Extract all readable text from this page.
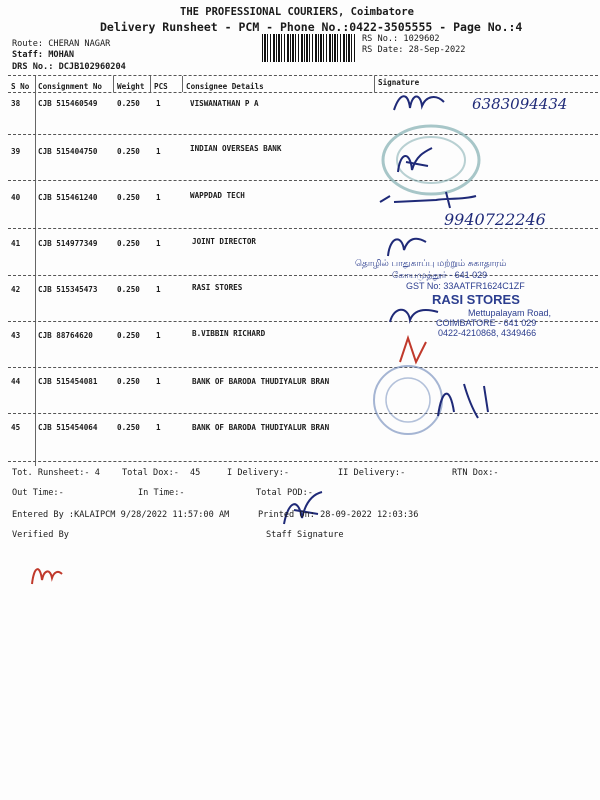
THE PROFESSIONAL COURIERS, Coimbatore
Delivery Runsheet - PCM - Phone No.:0422-3505555 - Page No.:4
Route: CHERAN NAGAR
Staff: MOHAN
DRS No.: DCJB102960204
RS No.: 1029602
RS Date: 28-Sep-2022
S No Consignment No Weight PCS Consignee Details	Signature
38 CJB 515460549	0.250 1	VISWANATHAN P A
39 CJB 515404750	0.250 1	INDIAN OVERSEAS BANK
40 CJB 515461240	0.250 1	WAPPDAD TECH
41 CJB 514977349	0.250 1	JOINT DIRECTOR
42 CJB 515345473	0.250 1	RASI STORES
43 CJB 88764620	0.250 1	B.VIBBIN RICHARD
44 CJB 515454081	0.250 1	BANK OF BARODA THUDIYALUR BRAN
45 CJB 515454064	0.250 1	BANK OF BARODA THUDIYALUR BRAN
தொழில் பாதுகாப்பு மற்றும் சுகாதாரம்
கோயமுத்தூர் - 641 029
GST No: 33AATFR1624C1ZF
RASI STORES
Mettupalayam Road,
COIMBATORE - 641 029
0422-4210868, 4349466
6383094434
9940722246
Tot. Runsheet:- 4	Total Dox:- 45	I Delivery:-	II Delivery:-	RTN Dox:-
Out Time:-	In Time:-	Total POD:-
Entered By :KALAIPCM 9/28/2022 11:57:00 AM	Printed On: 28-09-2022 12:03:36
Verified By	Staff Signature
